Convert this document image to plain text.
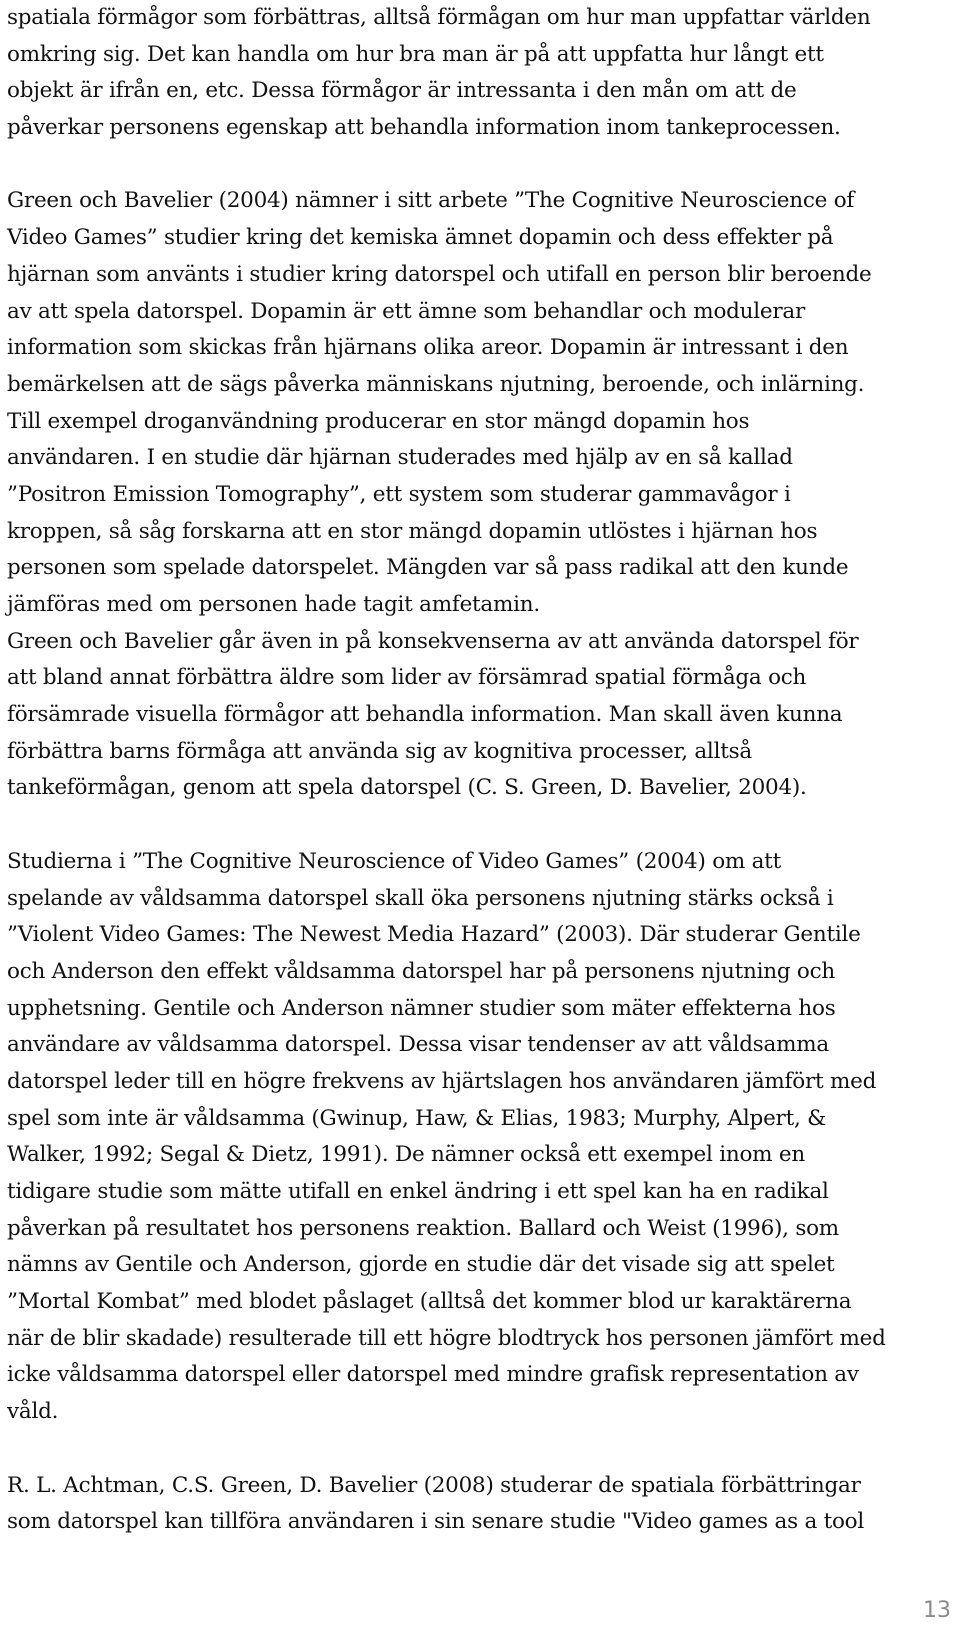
spatiala förmågor som förbättras, alltså förmågan om hur man uppfattar världen
omkring sig. Det kan handla om hur bra man är på att uppfatta hur långt ett
objekt är ifrån en, etc. Dessa förmågor är intressanta i den mån om att de
påverkar personens egenskap att behandla information inom tankeprocessen.
Green och Bavelier (2004) nämner i sitt arbete ”The Cognitive Neuroscience of
Video Games” studier kring det kemiska ämnet dopamin och dess effekter på
hjärnan som använts i studier kring datorspel och utifall en person blir beroende
av att spela datorspel. Dopamin är ett ämne som behandlar och modulerar
information som skickas från hjärnans olika areor. Dopamin är intressant i den
bemärkelsen att de sägs påverka människans njutning, beroende, och inlärning.
Till exempel droganvändning producerar en stor mängd dopamin hos
användaren. I en studie där hjärnan studerades med hjälp av en så kallad
”Positron Emission Tomography”, ett system som studerar gammavågor i
kroppen, så såg forskarna att en stor mängd dopamin utlöstes i hjärnan hos
personen som spelade datorspelet. Mängden var så pass radikal att den kunde
jämföras med om personen hade tagit amfetamin.
Green och Bavelier går även in på konsekvenserna av att använda datorspel för
att bland annat förbättra äldre som lider av försämrad spatial förmåga och
försämrade visuella förmågor att behandla information. Man skall även kunna
förbättra barns förmåga att använda sig av kognitiva processer, alltså
tankeförmågan, genom att spela datorspel (C. S. Green, D. Bavelier, 2004).
Studierna i ”The Cognitive Neuroscience of Video Games” (2004) om att
spelande av våldsamma datorspel skall öka personens njutning stärks också i
”Violent Video Games: The Newest Media Hazard” (2003). Där studerar Gentile
och Anderson den effekt våldsamma datorspel har på personens njutning och
upphetsning. Gentile och Anderson nämner studier som mäter effekterna hos
användare av våldsamma datorspel. Dessa visar tendenser av att våldsamma
datorspel leder till en högre frekvens av hjärtslagen hos användaren jämfört med
spel som inte är våldsamma (Gwinup, Haw, & Elias, 1983; Murphy, Alpert, &
Walker, 1992; Segal & Dietz, 1991). De nämner också ett exempel inom en
tidigare studie som mätte utifall en enkel ändring i ett spel kan ha en radikal
påverkan på resultatet hos personens reaktion. Ballard och Weist (1996), som
nämns av Gentile och Anderson, gjorde en studie där det visade sig att spelet
”Mortal Kombat” med blodet påslaget (alltså det kommer blod ur karaktärerna
när de blir skadade) resulterade till ett högre blodtryck hos personen jämfört med
icke våldsamma datorspel eller datorspel med mindre grafisk representation av
våld.
R. L. Achtman, C.S. Green, D. Bavelier (2008) studerar de spatiala förbättringar
som datorspel kan tillföra användaren i sin senare studie "Video games as a tool
13
